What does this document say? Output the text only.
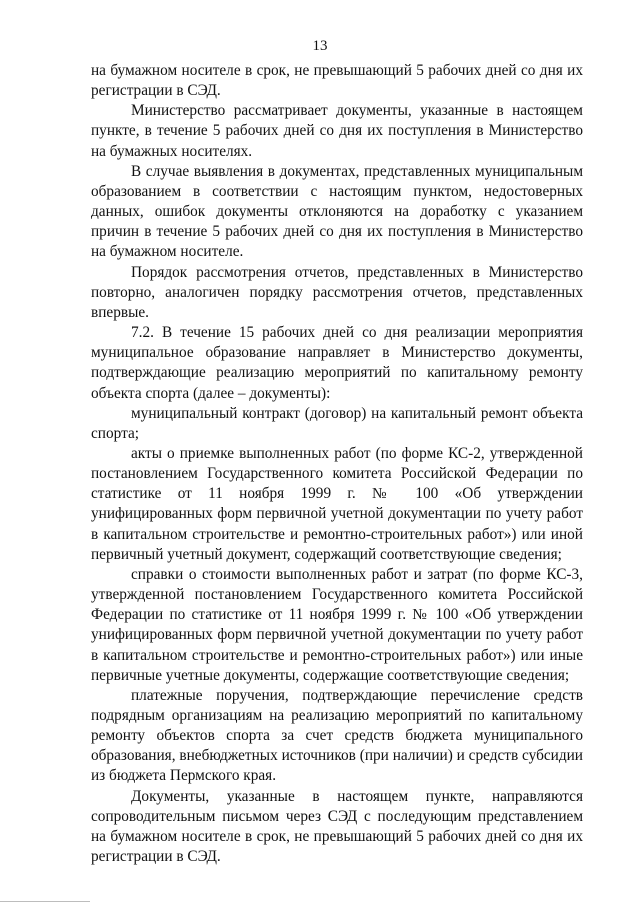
13

на бумажном носителе в срок, не превышающий 5 рабочих дней со дня их регистрации в СЭД.

Министерство рассматривает документы, указанные в настоящем пункте, в течение 5 рабочих дней со дня их поступления в Министерство на бумажных носителях.

В случае выявления в документах, представленных муниципальным образованием в соответствии с настоящим пунктом, недостоверных данных, ошибок документы отклоняются на доработку с указанием причин в течение 5 рабочих дней со дня их поступления в Министерство на бумажном носителе.

Порядок рассмотрения отчетов, представленных в Министерство повторно, аналогичен порядку рассмотрения отчетов, представленных впервые.

7.2. В течение 15 рабочих дней со дня реализации мероприятия муниципальное образование направляет в Министерство документы, подтверждающие реализацию мероприятий по капитальному ремонту объекта спорта (далее – документы):

муниципальный контракт (договор) на капитальный ремонт объекта спорта;

акты о приемке выполненных работ (по форме КС-2, утвержденной постановлением Государственного комитета Российской Федерации по статистике от 11 ноября 1999 г. № 100 «Об утверждении унифицированных форм первичной учетной документации по учету работ в капитальном строительстве и ремонтно-строительных работ») или иной первичный учетный документ, содержащий соответствующие сведения;

справки о стоимости выполненных работ и затрат (по форме КС-3, утвержденной постановлением Государственного комитета Российской Федерации по статистике от 11 ноября 1999 г. № 100 «Об утверждении унифицированных форм первичной учетной документации по учету работ в капитальном строительстве и ремонтно-строительных работ») или иные первичные учетные документы, содержащие соответствующие сведения;

платежные поручения, подтверждающие перечисление средств подрядным организациям на реализацию мероприятий по капитальному ремонту объектов спорта за счет средств бюджета муниципального образования, внебюджетных источников (при наличии) и средств субсидии из бюджета Пермского края.

Документы, указанные в настоящем пункте, направляются сопроводительным письмом через СЭД с последующим представлением на бумажном носителе в срок, не превышающий 5 рабочих дней со дня их регистрации в СЭД.
